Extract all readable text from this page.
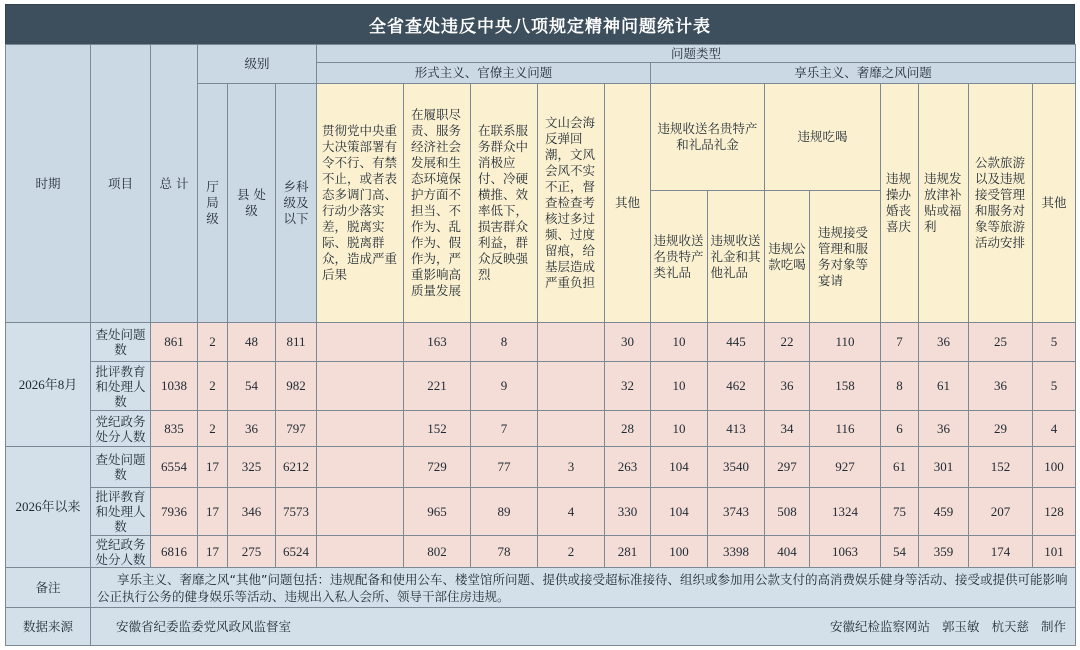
全省查处违反中央八项规定精神问题统计表
时期	项目	总 计	级别			问题类型												
						形式主义、官僚主义问题					享乐主义、奢靡之风问题							
			厅局级	县 处 级	乡科级及以下	贯彻党中央重大决策部署有令不行、有禁不止，或者表态多调门高、行动少落实差，脱离实际、脱离群众，造成严重后果	在履职尽责、服务经济社会发展和生态环境保护方面不担当、不作为、乱作为、假作为，严重影响高质量发展	在联系服务群众中消极应付、冷硬横推、效率低下，损害群众利益，群众反映强烈	文山会海反弹回潮，文风会风不实不正，督查检查考核过多过频、过度留痕，给基层造成严重负担	其他	违规收送名贵特产和礼品礼金		违规吃喝		违规操办婚丧喜庆	违规发放津补贴或福利	公款旅游以及违规接受管理和服务对象等旅游活动安排	其他
											违规收送名贵特产类礼品	违规收送礼金和其他礼品	违规公款吃喝	违规接受管理和服务对象等宴请				
2026年8月	查处问题数	861	2	48	811		163	8		30	10	445	22	110	7	36	25	5
	批评教育和处理人数	1038	2	54	982		221	9		32	10	462	36	158	8	61	36	5
	党纪政务处分人数	835	2	36	797		152	7		28	10	413	34	116	6	36	29	4
2026年以来	查处问题数	6554	17	325	6212		729	77	3	263	104	3540	297	927	61	301	152	100
	批评教育和处理人数	7936	17	346	7573		965	89	4	330	104	3743	508	1324	75	459	207	128
	党纪政务处分人数	6816	17	275	6524		802	78	2	281	100	3398	404	1063	54	359	174	101
备注	享乐主义、奢靡之风“其他”问题包括：违规配备和使用公车、楼堂馆所问题、提供或接受超标准接待、组织或参加用公款支付的高消费娱乐健身等活动、接受或提供可能影响公正执行公务的健身娱乐等活动、违规出入私人会所、领导干部住房违规。																	
数据来源	安徽省纪委监委党风政风监督室 安徽纪检监察网站 郭玉敏 杭天慈 制作																	
